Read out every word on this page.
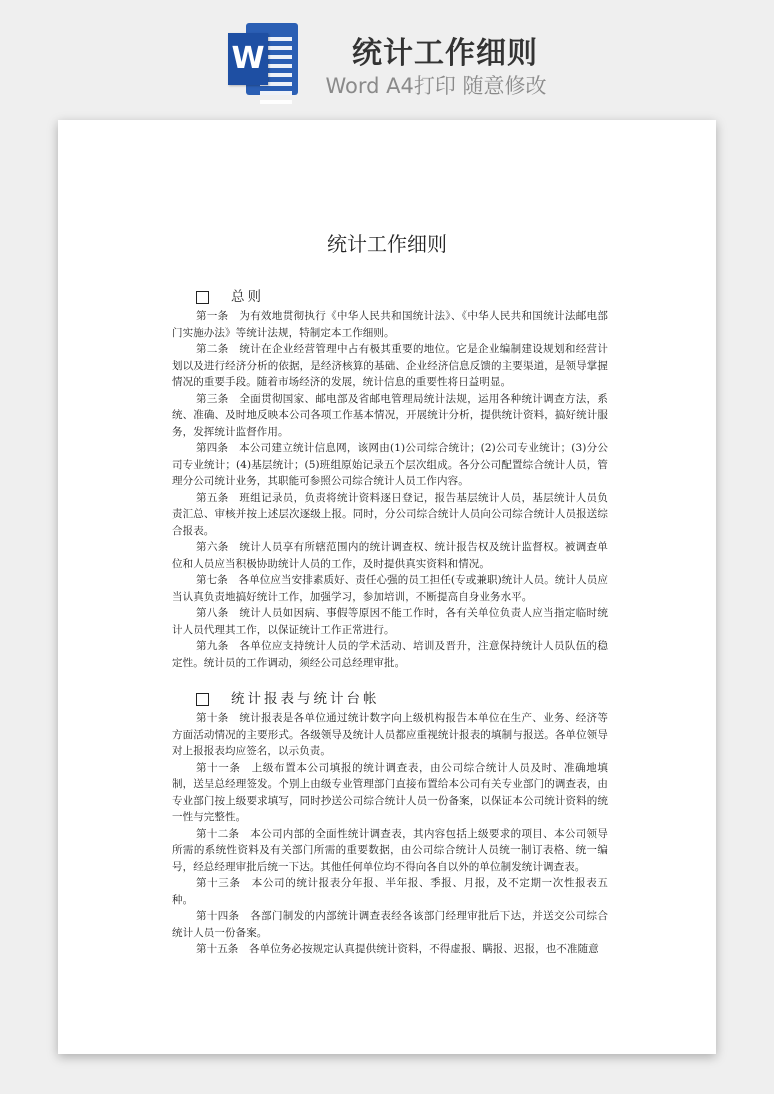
W	统计工作细则
Word A4打印 随意修改
统计工作细则
总则

第一条　为有效地贯彻执行《中华人民共和国统计法》、《中华人民共和国统计法邮电部门实施办法》等统计法规，特制定本工作细则。

第二条　统计在企业经营管理中占有极其重要的地位。它是企业编制建设规划和经营计划以及进行经济分析的依据，是经济核算的基础、企业经济信息反馈的主要渠道，是领导掌握情况的重要手段。随着市场经济的发展，统计信息的重要性将日益明显。

第三条　全面贯彻国家、邮电部及省邮电管理局统计法规，运用各种统计调查方法，系统、准确、及时地反映本公司各项工作基本情况，开展统计分析，提供统计资料，搞好统计服务，发挥统计监督作用。

第四条　本公司建立统计信息网，该网由(1)公司综合统计；(2)公司专业统计；(3)分公司专业统计；(4)基层统计；(5)班组原始记录五个层次组成。各分公司配置综合统计人员，管理分公司统计业务，其职能可参照公司综合统计人员工作内容。

第五条　班组记录员，负责将统计资料逐日登记，报告基层统计人员，基层统计人员负责汇总、审核并按上述层次逐级上报。同时，分公司综合统计人员向公司综合统计人员报送综合报表。

第六条　统计人员享有所辖范围内的统计调查权、统计报告权及统计监督权。被调查单位和人员应当积极协助统计人员的工作，及时提供真实资料和情况。

第七条　各单位应当安排素质好、责任心强的员工担任(专或兼职)统计人员。统计人员应当认真负责地搞好统计工作，加强学习，参加培训，不断提高自身业务水平。

第八条　统计人员如因病、事假等原因不能工作时，各有关单位负责人应当指定临时统计人员代理其工作，以保证统计工作正常进行。

第九条　各单位应支持统计人员的学术活动、培训及晋升，注意保持统计人员队伍的稳定性。统计员的工作调动，须经公司总经理审批。

统计报表与统计台帐

第十条　统计报表是各单位通过统计数字向上级机构报告本单位在生产、业务、经济等方面活动情况的主要形式。各级领导及统计人员都应重视统计报表的填制与报送。各单位领导对上报报表均应签名，以示负责。

第十一条　上级布置本公司填报的统计调查表，由公司综合统计人员及时、准确地填制，送呈总经理签发。个别上由级专业管理部门直接布置给本公司有关专业部门的调查表，由专业部门按上级要求填写，同时抄送公司综合统计人员一份备案，以保证本公司统计资料的统一性与完整性。

第十二条　本公司内部的全面性统计调查表，其内容包括上级要求的项目、本公司领导所需的系统性资料及有关部门所需的重要数据，由公司综合统计人员统一制订表格、统一编号，经总经理审批后统一下达。其他任何单位均不得向各自以外的单位制发统计调查表。

第十三条　本公司的统计报表分年报、半年报、季报、月报，及不定期一次性报表五种。

第十四条　各部门制发的内部统计调查表经各该部门经理审批后下达，并送交公司综合统计人员一份备案。

第十五条　各单位务必按规定认真提供统计资料，不得虚报、瞒报、迟报，也不准随意
